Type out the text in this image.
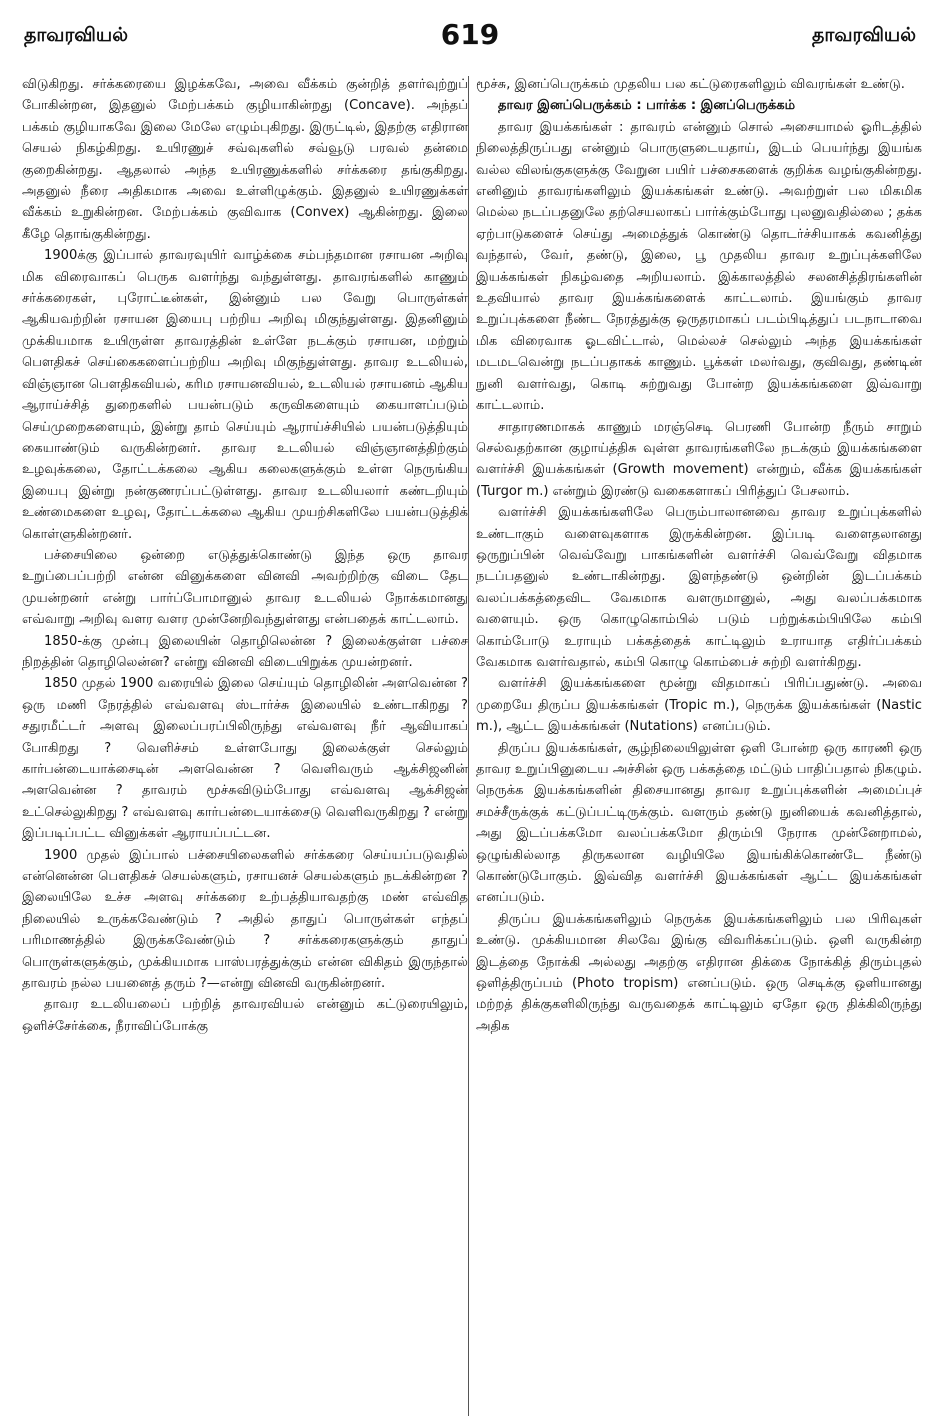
தாவரவியல்	619	தாவரவியல்

விடுகிறது. சர்க்கரையை இழக்கவே, அவை வீக்கம் குன்றித் தளர்வுற்றுப் போகின்றன, இதனுல் மேற்பக்கம் குழியாகின்றது (Concave). அந்தப் பக்கம் குழியாகவே இலை மேலே எழும்புகிறது. இருட்டில், இதற்கு எதிரான செயல் நிகழ்கிறது. உயிரணுச் சவ்வுகளில் சவ்வூடு பரவல் தன்மை குறைகின்றது. ஆதலால் அந்த உயிரணுக்களில் சர்க்கரை தங்குகிறது. அதனுல் நீரை அதிகமாக அவை உள்ளிழுக்கும். இதனுல் உயிரணுக்கள் வீக்கம் உறுகின்றன. மேற்பக்கம் குவிவாக (Convex) ஆகின்றது. இலை கீழே தொங்குகின்றது.

1900க்கு இப்பால் தாவரவுயிர் வாழ்க்கை சம்பந்தமான ரசாயன அறிவு மிக விரைவாகப் பெருக வளர்ந்து வந்துள்ளது. தாவரங்களில் காணும் சர்க்கரைகள், புரோட்டீன்கள், இன்னும் பல வேறு பொருள்கள் ஆகியவற்றின் ரசாயன இயைபு பற்றிய அறிவு மிகுந்துள்ளது. இதனினும் முக்கியமாக உயிருள்ள தாவரத்தின் உள்ளே நடக்கும் ரசாயன, மற்றும் பௌதிகச் செய்கைகளைப்பற்றிய அறிவு மிகுந்துள்ளது. தாவர உடலியல், விஞ்ஞான பௌதிகவியல், கரிம ரசாயனவியல், உடலியல் ரசாயனம் ஆகிய ஆராய்ச்சித் துறைகளில் பயன்படும் கருவிகளையும் கையாளப்படும் செய்முறைகளையும், இன்று தாம் செய்யும் ஆராய்ச்சியில் பயன்படுத்தியும் கையாண்டும் வருகின்றனர். தாவர உடலியல் விஞ்ஞானத்திற்கும் உழவுக்கலை, தோட்டக்கலை ஆகிய கலைகளுக்கும் உள்ள நெருங்கிய இயைபு இன்று நன்குணரப்பட்டுள்ளது. தாவர உடலியலார் கண்டறியும் உண்மைகளை உழவு, தோட்டக்கலை ஆகிய முயற்சிகளிலே பயன்படுத்திக் கொள்ளுகின்றனர்.

பச்சையிலை ஒன்றை எடுத்துக்கொண்டு இந்த ஒரு தாவர உறுப்பைப்பற்றி என்ன வினுக்களை வினவி அவற்றிற்கு விடை தேட முயன்றனர் என்று பார்ப்போமானுல் தாவர உடலியல் நோக்கமானது எவ்வாறு அறிவு வளர வளர முன்னேறிவந்துள்ளது என்பதைக் காட்டலாம்.

1850-க்கு முன்பு இலையின் தொழிலென்ன ? இலைக்குள்ள பச்சை நிறத்தின் தொழிலென்ன? என்று வினவி விடையிறுக்க முயன்றனர்.

1850 முதல் 1900 வரையில் இலை செய்யும் தொழிலின் அளவென்ன ? ஒரு மணி நேரத்தில் எவ்வளவு ஸ்டார்ச்சு இலையில் உண்டாகிறது ? சதுரமீட்டர் அளவு இலைப்பரப்பிலிருந்து எவ்வளவு நீர் ஆவியாகப் போகிறது ? வெளிச்சம் உள்ளபோது இலைக்குள் செல்லும் கார்பன்டையாக்சைடின் அளவென்ன ? வெளிவரும் ஆக்சிஜனின் அளவென்ன ? தாவரம் மூச்சுவிடும்போது எவ்வளவு ஆக்சிஜன் உட்செல்லுகிறது ? எவ்வளவு கார்பன்டையாக்சைடு வெளிவருகிறது ? என்று இப்படிப்பட்ட வினுக்கள் ஆராயப்பட்டன.

1900 முதல் இப்பால் பச்சையிலைகளில் சர்க்கரை செய்யப்படுவதில் என்னென்ன பௌதிகச் செயல்களும், ரசாயனச் செயல்களும் நடக்கின்றன ? இலையிலே உச்ச அளவு சர்க்கரை உற்பத்தியாவதற்கு மண் எவ்வித நிலையில் உருக்கவேண்டும் ? அதில் தாதுப் பொருள்கள் எந்தப் பரிமாணத்தில் இருக்கவேண்டும் ? சர்க்கரைகளுக்கும் தாதுப் பொருள்களுக்கும், முக்கியமாக பாஸ்பரத்துக்கும் என்ன விகிதம் இருந்தால் தாவரம் நல்ல பயனைத் தரும் ?—என்று வினவி வருகின்றனர்.

தாவர உடலியலைப் பற்றித் தாவரவியல் என்னும் கட்டுரையிலும், ஒளிச்சேர்க்கை, நீராவிப்போக்கு

மூச்சு, இனப்பெருக்கம் முதலிய பல கட்டுரைகளிலும் விவரங்கள் உண்டு.

தாவர இனப்பெருக்கம் : பார்க்க : இனப்பெருக்கம்

தாவர இயக்கங்கள் : தாவரம் என்னும் சொல் அசையாமல் ஓரிடத்தில் நிலைத்திருப்பது என்னும் பொருளுடையதாய், இடம் பெயர்ந்து இயங்க வல்ல விலங்குகளுக்கு வேறுன பயிர் பச்சைகளைக் குறிக்க வழங்குகின்றது. எனினும் தாவரங்களிலும் இயக்கங்கள் உண்டு. அவற்றுள் பல மிகமிக மெல்ல நடப்பதனுலே தற்செயலாகப் பார்க்கும்போது புலனுவதில்லை ; தக்க ஏற்பாடுகளைச் செய்து அமைத்துக் கொண்டு தொடர்ச்சியாகக் கவனித்து வந்தால், வேர், தண்டு, இலை, பூ முதலிய தாவர உறுப்புக்களிலே இயக்கங்கள் நிகழ்வதை அறியலாம். இக்காலத்தில் சலனசித்திரங்களின் உதவியால் தாவர இயக்கங்களைக் காட்டலாம். இயங்கும் தாவர உறுப்புக்களை நீண்ட நேரத்துக்கு ஒருதரமாகப் படம்பிடித்துப் படநாடாவை மிக விரைவாக ஓடவிட்டால், மெல்லச் செல்லும் அந்த இயக்கங்கள் மடமடவென்று நடப்பதாகக் காணும். பூக்கள் மலர்வது, குவிவது, தண்டின் நுனி வளர்வது, கொடி சுற்றுவது போன்ற இயக்கங்களை இவ்வாறு காட்டலாம்.

சாதாரணமாகக் காணும் மரஞ்செடி பெரணி போன்ற நீரும் சாறும் செல்வதற்கான குழாய்த்திசு வுள்ள தாவரங்களிலே நடக்கும் இயக்கங்களை வளர்ச்சி இயக்கங்கள் (Growth movement) என்றும், வீக்க இயக்கங்கள் (Turgor m.) என்றும் இரண்டு வகைகளாகப் பிரித்துப் பேசலாம்.

வளர்ச்சி இயக்கங்களிலே பெரும்பாலானவை தாவர உறுப்புக்களில் உண்டாகும் வளைவுகளாக இருக்கின்றன. இப்படி வளைதலானது ஒருறுப்பின் வெவ்வேறு பாகங்களின் வளர்ச்சி வெவ்வேறு விதமாக நடப்பதனுல் உண்டாகின்றது. இளந்தண்டு ஒன்றின் இடப்பக்கம் வலப்பக்கத்தைவிட வேகமாக வளருமானுல், அது வலப்பக்கமாக வளையும். ஒரு கொழுகொம்பில் படும் பற்றுக்கம்பியிலே கம்பி கொம்போடு உராயும் பக்கத்தைக் காட்டிலும் உராயாத எதிர்ப்பக்கம் வேகமாக வளர்வதால், கம்பி கொழு கொம்பைச் சுற்றி வளர்கிறது.

வளர்ச்சி இயக்கங்களை மூன்று விதமாகப் பிரிப்பதுண்டு. அவை முறையே திருப்ப இயக்கங்கள் (Tropic m.), நெருக்க இயக்கங்கள் (Nastic m.), ஆட்ட இயக்கங்கள் (Nutations) எனப்படும்.

திருப்ப இயக்கங்கள், சூழ்நிலையிலுள்ள ஒளி போன்ற ஒரு காரணி ஒரு தாவர உறுப்பினுடைய அச்சின் ஒரு பக்கத்தை மட்டும் பாதிப்பதால் நிகழும். நெருக்க இயக்கங்களின் திசையானது தாவர உறுப்புக்களின் அமைப்புச் சமச்சீருக்குக் கட்டுப்பட்டிருக்கும். வளரும் தண்டு நுனியைக் கவனித்தால், அது இடப்பக்கமோ வலப்பக்கமோ திரும்பி நேராக முன்னேறாமல், ஒழுங்கில்லாத திருகலான வழியிலே இயங்கிக்கொண்டே நீண்டு கொண்டுபோகும். இவ்வித வளர்ச்சி இயக்கங்கள் ஆட்ட இயக்கங்கள் எனப்படும்.

திருப்ப இயக்கங்களிலும் நெருக்க இயக்கங்களிலும் பல பிரிவுகள் உண்டு. முக்கியமான சிலவே இங்கு விவரிக்கப்படும். ஒளி வருகின்ற இடத்தை நோக்கி அல்லது அதற்கு எதிரான திக்கை நோக்கித் திரும்புதல் ஒளித்திருப்பம் (Photo tropism) எனப்படும். ஒரு செடிக்கு ஒளியானது மற்றத் திக்குகளிலிருந்து வருவதைக் காட்டிலும் ஏதோ ஒரு திக்கிலிருந்து அதிக
